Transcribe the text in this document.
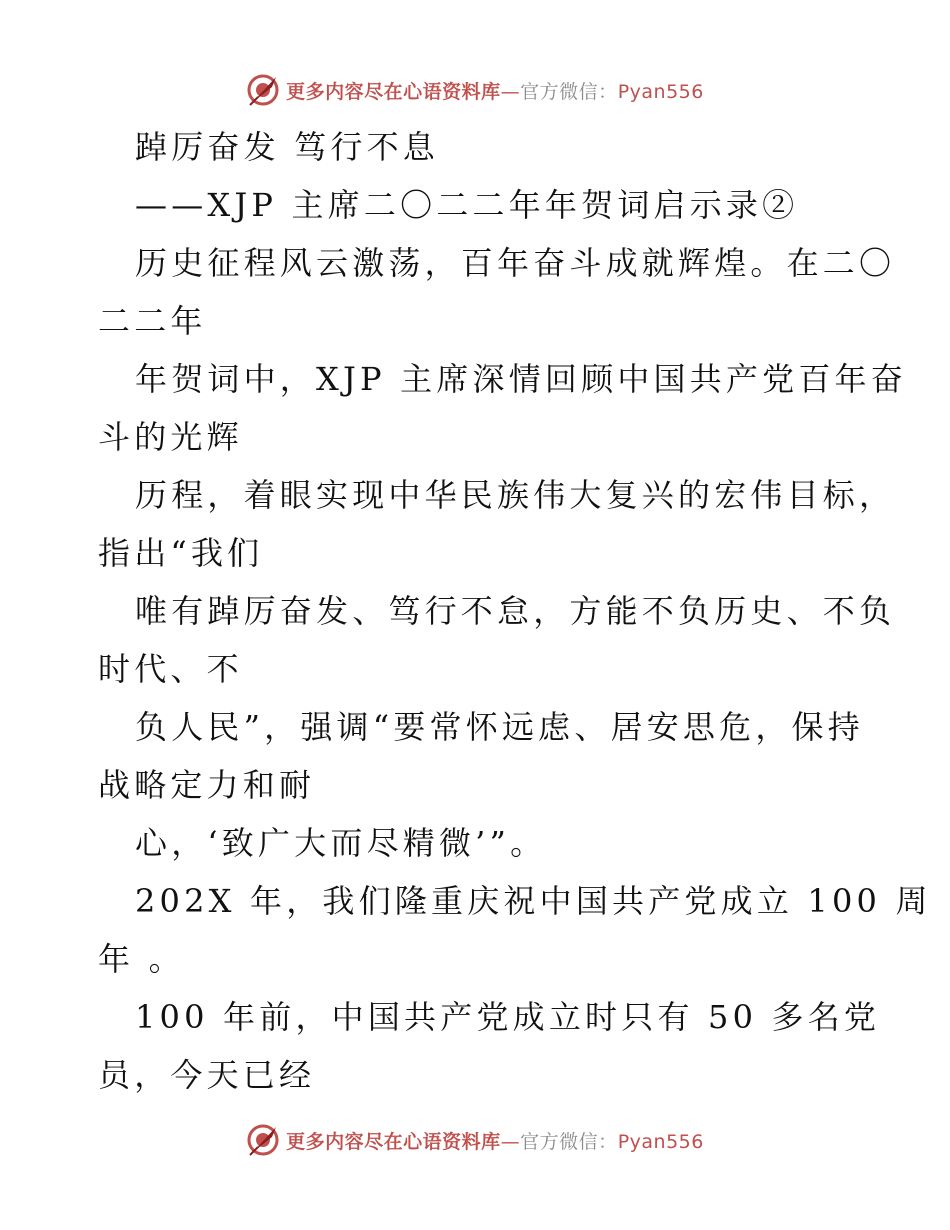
更多内容尽在心语资料库—官方微信：Pyan556
踔厉奋发 笃行不息
——XJP 主席二〇二二年年贺词启示录②
历史征程风云激荡，百年奋斗成就辉煌。在二〇
二二年
年贺词中，XJP 主席深情回顾中国共产党百年奋
斗的光辉
历程，着眼实现中华民族伟大复兴的宏伟目标，
指出“我们
唯有踔厉奋发、笃行不怠，方能不负历史、不负
时代、不
负人民”，强调“要常怀远虑、居安思危，保持
战略定力和耐
心，‘致广大而尽精微’”。
202X 年，我们隆重庆祝中国共产党成立 100 周
年 。
100 年前，中国共产党成立时只有 50 多名党
员，今天已经
更多内容尽在心语资料库—官方微信：Pyan556
